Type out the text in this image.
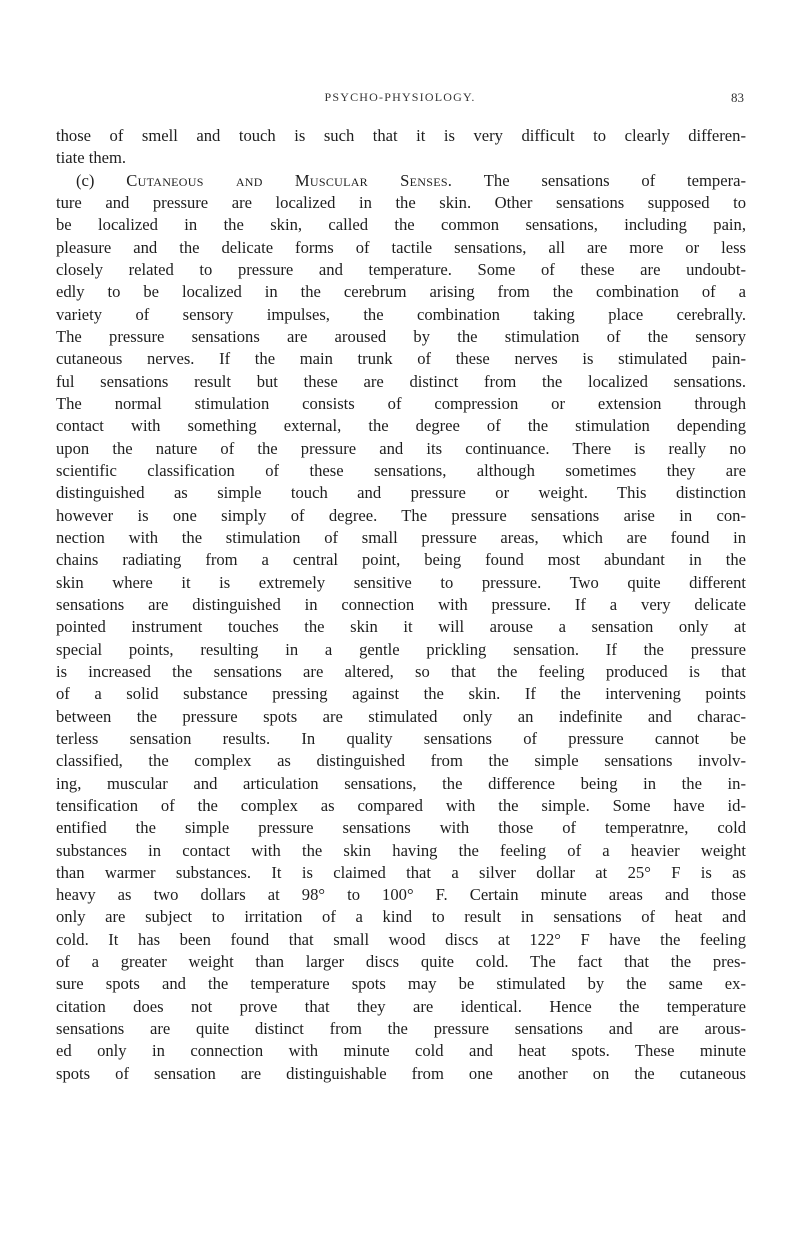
PSYCHO-PHYSIOLOGY.	83
those of smell and touch is such that it is very difficult to clearly differen-
tiate them.
(c) Cutaneous and Muscular Senses. The sensations of tempera-
ture and pressure are localized in the skin. Other sensations supposed to
be localized in the skin, called the common sensations, including pain,
pleasure and the delicate forms of tactile sensations, all are more or less
closely related to pressure and temperature. Some of these are undoubt-
edly to be localized in the cerebrum arising from the combination of a
variety of sensory impulses, the combination taking place cerebrally.
The pressure sensations are aroused by the stimulation of the sensory
cutaneous nerves. If the main trunk of these nerves is stimulated pain-
ful sensations result but these are distinct from the localized sensations.
The normal stimulation consists of compression or extension through
contact with something external, the degree of the stimulation depending
upon the nature of the pressure and its continuance. There is really no
scientific classification of these sensations, although sometimes they are
distinguished as simple touch and pressure or weight. This distinction
however is one simply of degree. The pressure sensations arise in con-
nection with the stimulation of small pressure areas, which are found in
chains radiating from a central point, being found most abundant in the
skin where it is extremely sensitive to pressure. Two quite different
sensations are distinguished in connection with pressure. If a very delicate
pointed instrument touches the skin it will arouse a sensation only at
special points, resulting in a gentle prickling sensation. If the pressure
is increased the sensations are altered, so that the feeling produced is that
of a solid substance pressing against the skin. If the intervening points
between the pressure spots are stimulated only an indefinite and charac-
terless sensation results. In quality sensations of pressure cannot be
classified, the complex as distinguished from the simple sensations involv-
ing, muscular and articulation sensations, the difference being in the in-
tensification of the complex as compared with the simple. Some have id-
entified the simple pressure sensations with those of temperatnre, cold
substances in contact with the skin having the feeling of a heavier weight
than warmer substances. It is claimed that a silver dollar at 25° F is as
heavy as two dollars at 98° to 100° F. Certain minute areas and those
only are subject to irritation of a kind to result in sensations of heat and
cold. It has been found that small wood discs at 122° F have the feeling
of a greater weight than larger discs quite cold. The fact that the pres-
sure spots and the temperature spots may be stimulated by the same ex-
citation does not prove that they are identical. Hence the temperature
sensations are quite distinct from the pressure sensations and are arous-
ed only in connection with minute cold and heat spots. These minute
spots of sensation are distinguishable from one another on the cutaneous
